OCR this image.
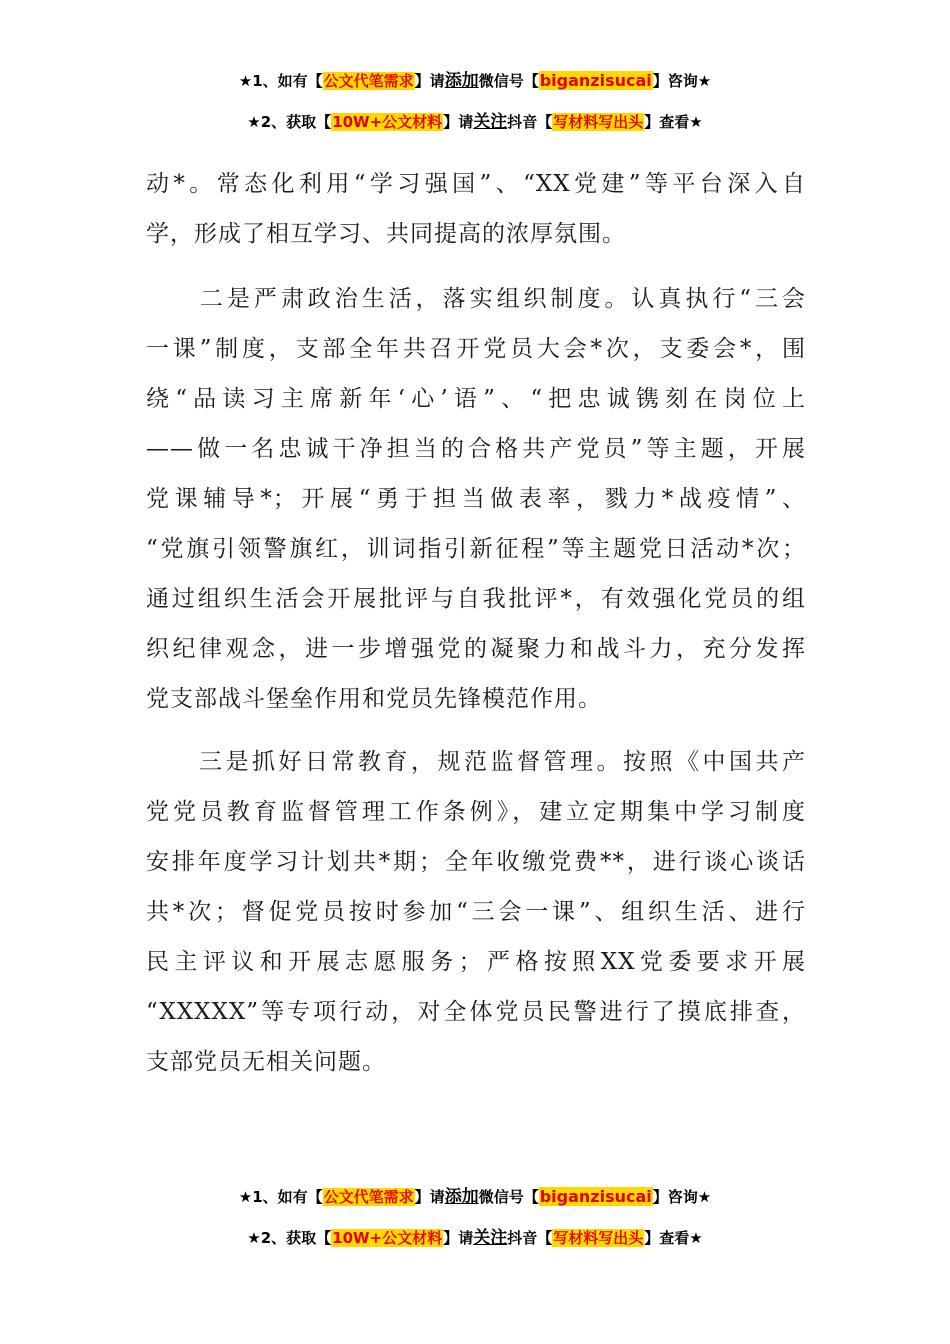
★1、如有【公文代笔需求】请添加微信号【biganzisucai】咨询★
★2、获取【10W+公文材料】请关注抖音【写材料写出头】查看★
动*。常态化利用“学习强国”、“XX党建”等平台深入自
学，形成了相互学习、共同提高的浓厚氛围。
　　二是严肃政治生活，落实组织制度。认真执行“三会
一课”制度，支部全年共召开党员大会*次，支委会*，围
绕“品读习主席新年‘心’语”、“把忠诚镌刻在岗位上
——做一名忠诚干净担当的合格共产党员”等主题，开展
党课辅导*；开展“勇于担当做表率，戮力*战疫情”、
“党旗引领警旗红，训词指引新征程”等主题党日活动*次；
通过组织生活会开展批评与自我批评*，有效强化党员的组
织纪律观念，进一步增强党的凝聚力和战斗力，充分发挥
党支部战斗堡垒作用和党员先锋模范作用。
　　三是抓好日常教育，规范监督管理。按照《中国共产
党党员教育监督管理工作条例》，建立定期集中学习制度
安排年度学习计划共*期；全年收缴党费**，进行谈心谈话
共*次；督促党员按时参加“三会一课”、组织生活、进行
民主评议和开展志愿服务；严格按照XX党委要求开展
“XXXXX”等专项行动，对全体党员民警进行了摸底排查，
支部党员无相关问题。
★1、如有【公文代笔需求】请添加微信号【biganzisucai】咨询★
★2、获取【10W+公文材料】请关注抖音【写材料写出头】查看★
